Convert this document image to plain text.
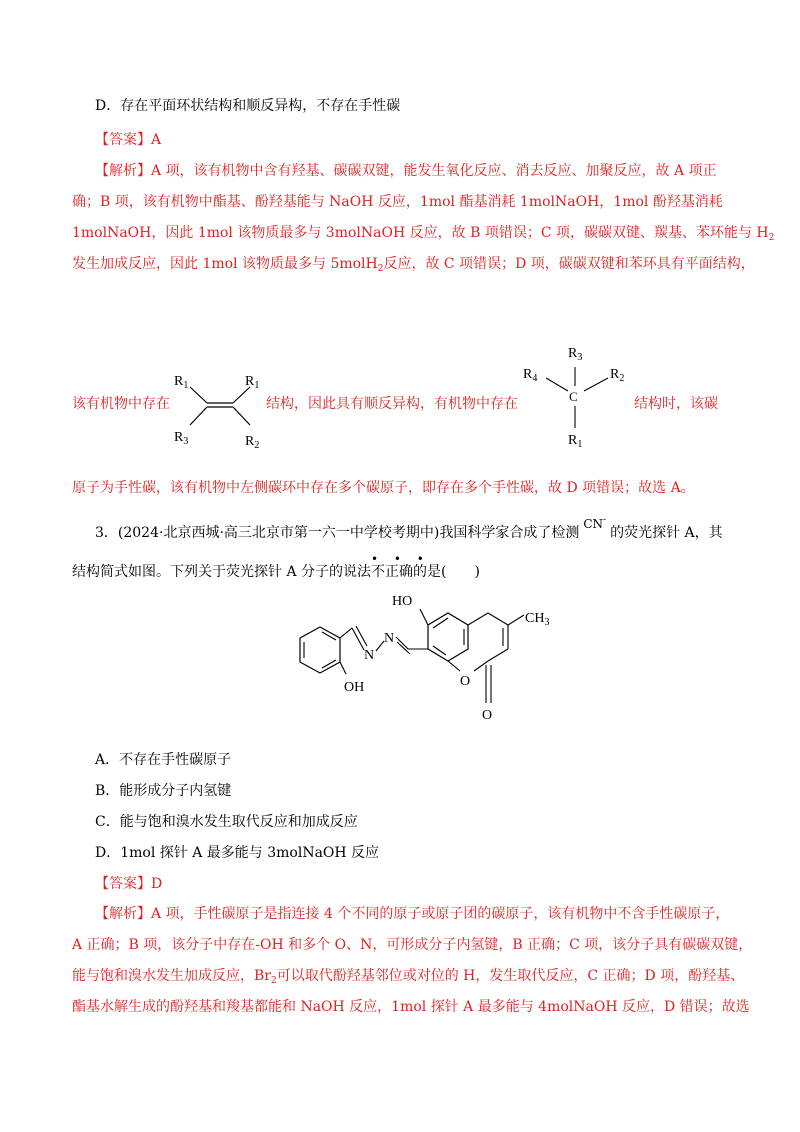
D．存在平面环状结构和顺反异构，不存在手性碳
【答案】A
【解析】A 项，该有机物中含有羟基、碳碳双键，能发生氧化反应、消去反应、加聚反应，故 A 项正
确；B 项，该有机物中酯基、酚羟基能与 NaOH 反应，1mol 酯基消耗 1molNaOH，1mol 酚羟基消耗
1molNaOH，因此 1mol 该物质最多与 3molNaOH 反应，故 B 项错误；C 项，碳碳双键、羰基、苯环能与 $H_2$
发生加成反应，因此 1mol 该物质最多与 5molH$_2$反应，故 C 项错误；D 项，碳碳双键和苯环具有平面结构，
该有机物中存在
$R_1$	$R_1$
$R_3$	$R_2$
结构，因此具有顺反异构，有机物中存在
$R_3$
$R_4$	$R_2$
C
$R_1$
结构时，该碳
原子为手性碳，该有机物中左侧碳环中存在多个碳原子，即存在多个手性碳，故 D 项错误；故选 A。
3．(2024·北京西城·高三北京市第一六一中学校考期中)我国科学家合成了检测CN-的荧光探针 A，其
结构简式如图。下列关于荧光探针 A 分子的说法
• • •
不正确的是(　　)
OH
N
N
HO
O
O
$CH_3$
A．不存在手性碳原子
B．能形成分子内氢键
C．能与饱和溴水发生取代反应和加成反应
D．1mol 探针 A 最多能与 3molNaOH 反应
【答案】D
【解析】A 项，手性碳原子是指连接 4 个不同的原子或原子团的碳原子，该有机物中不含手性碳原子，
A 正确；B 项，该分子中存在-OH 和多个 O、N，可形成分子内氢键，B 正确；C 项，该分子具有碳碳双键，
能与饱和溴水发生加成反应，$Br_2$可以取代酚羟基邻位或对位的 H，发生取代反应，C 正确；D 项，酚羟基、
酯基水解生成的酚羟基和羧基都能和 NaOH 反应，1mol 探针 A 最多能与 4molNaOH 反应，D 错误；故选
